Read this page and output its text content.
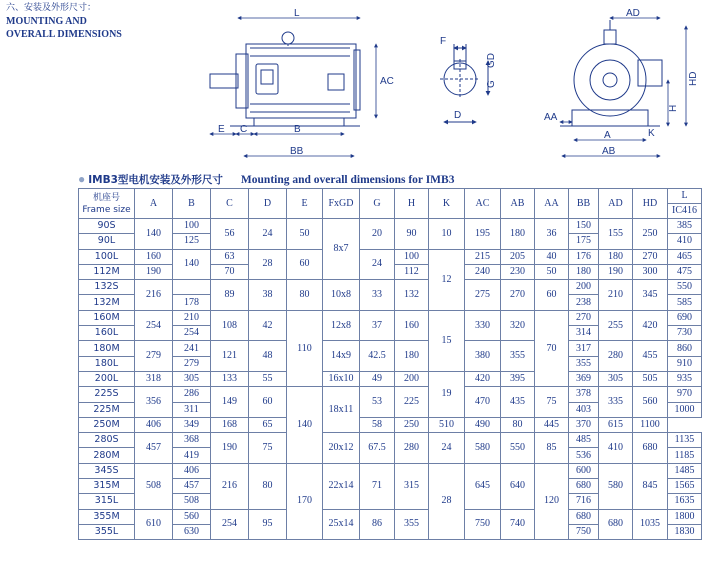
六、安装及外形尺寸：
MOUNTING AND
OVERALL DIMENSIONS
L
AC
E C	B
BB
F
GD
G
D
AD
HD
H
AA
A	K
AB
● IMB3型电机安装及外形尺寸 Mounting and overall dimensions for IMB3
机座号
Frame size	A	B	C	D	E	FxGD	G	H	K	AC	AB	AA	BB	AD	HD	L
																IC416
90S	140	100	56	24	50	8x7	20	90	10	195	180	36	150	155	250	385
90L		125											175			410
100L	160	140	63	28	60		24	100	12	215	205	40	176	180	270	465
112M	190		70					112		240	230	50	180	190	300	475
132S	216		89	38	80	10x8	33	132		275	270	60	200	210	345	550
132M		178											238			585
160M	254	210	108	42	110	12x8	37	160	15	330	320	70	270	255	420	690
160L		254											314			730
180M	279	241	121	48		14x9	42.5	180		380	355		317	280	455	860
180L		279											355			910
200L	318	305	133	55		16x10	49	200	19	420	395		369	305	505	935
225S	356	286	149	60	140	18x11	53	225		470	435	75	378	335	560	970
225M		311											403			1000
250M	406	349	168	65			58	250	510	490	80	445	370	615	1100	
280S	457	368	190	75		20x12	67.5	280	24	580	550	85	485	410	680	1135
280M		419											536			1185
345S	508	406	216	80	170	22x14	71	315	28	645	640	120	600	580	845	1485
315M		457											680			1565
315L		508											716			1635
355M	610	560	254	95		25x14	86	355		750	740		680	680	1035	1800
355L		630											750			1830
